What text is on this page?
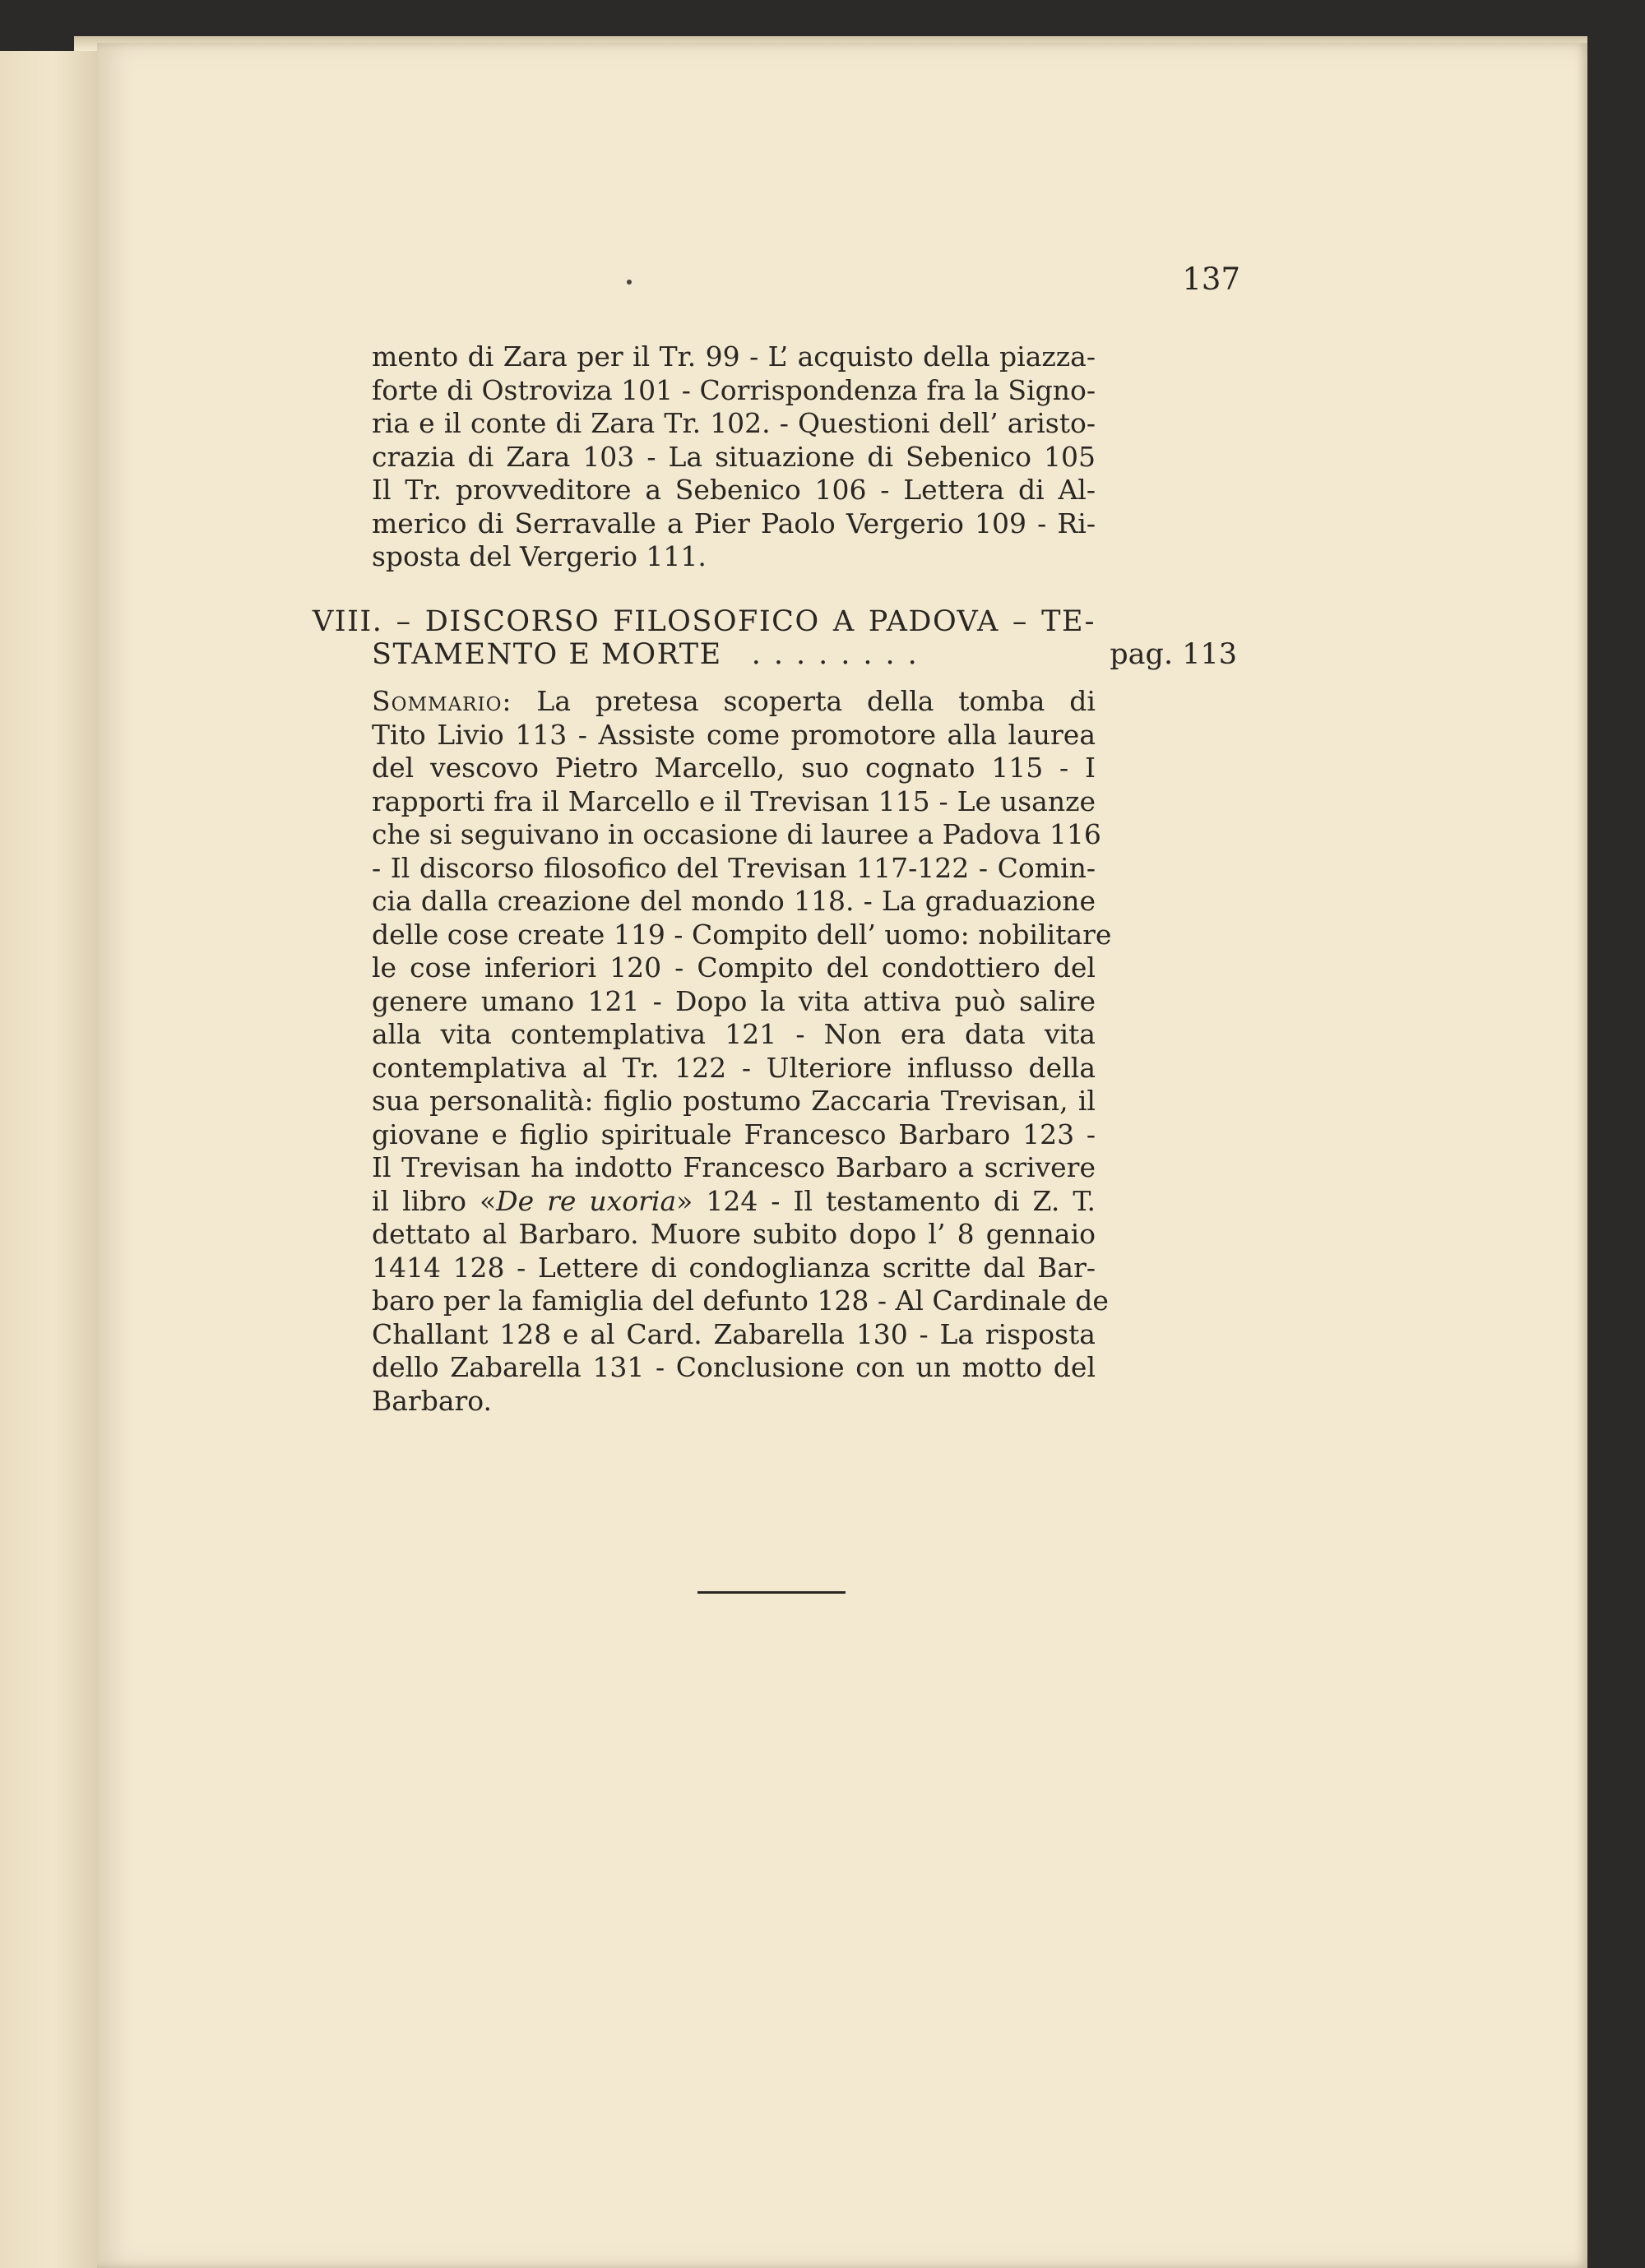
137
mento di Zara per il Tr. 99 - L’ acquisto della piazza-
forte di Ostroviza 101 - Corrispondenza fra la Signo-
ria e il conte di Zara Tr. 102. - Questioni dell’ aristo-
crazia di Zara 103 - La situazione di Sebenico 105
Il Tr. provveditore a Sebenico 106 - Lettera di Al-
merico di Serravalle a Pier Paolo Vergerio 109 - Ri-
sposta del Vergerio 111.
VIII. – DISCORSO FILOSOFICO A PADOVA – TE-
STAMENTO E MORTE ........	pag. 113
Sommario: La pretesa scoperta della tomba di
Tito Livio 113 - Assiste come promotore alla laurea
del vescovo Pietro Marcello, suo cognato 115 - I
rapporti fra il Marcello e il Trevisan 115 - Le usanze
che si seguivano in occasione di lauree a Padova 116
- Il discorso filosofico del Trevisan 117-122 - Comin-
cia dalla creazione del mondo 118. - La graduazione
delle cose create 119 - Compito dell’ uomo: nobilitare
le cose inferiori 120 - Compito del condottiero del
genere umano 121 - Dopo la vita attiva può salire
alla vita contemplativa 121 - Non era data vita
contemplativa al Tr. 122 - Ulteriore influsso della
sua personalità: figlio postumo Zaccaria Trevisan, il
giovane e figlio spirituale Francesco Barbaro 123 -
Il Trevisan ha indotto Francesco Barbaro a scrivere
il libro «De re uxoria» 124 - Il testamento di Z. T.
dettato al Barbaro. Muore subito dopo l’ 8 gennaio
1414 128 - Lettere di condoglianza scritte dal Bar-
baro per la famiglia del defunto 128 - Al Cardinale de
Challant 128 e al Card. Zabarella 130 - La risposta
dello Zabarella 131 - Conclusione con un motto del
Barbaro.
